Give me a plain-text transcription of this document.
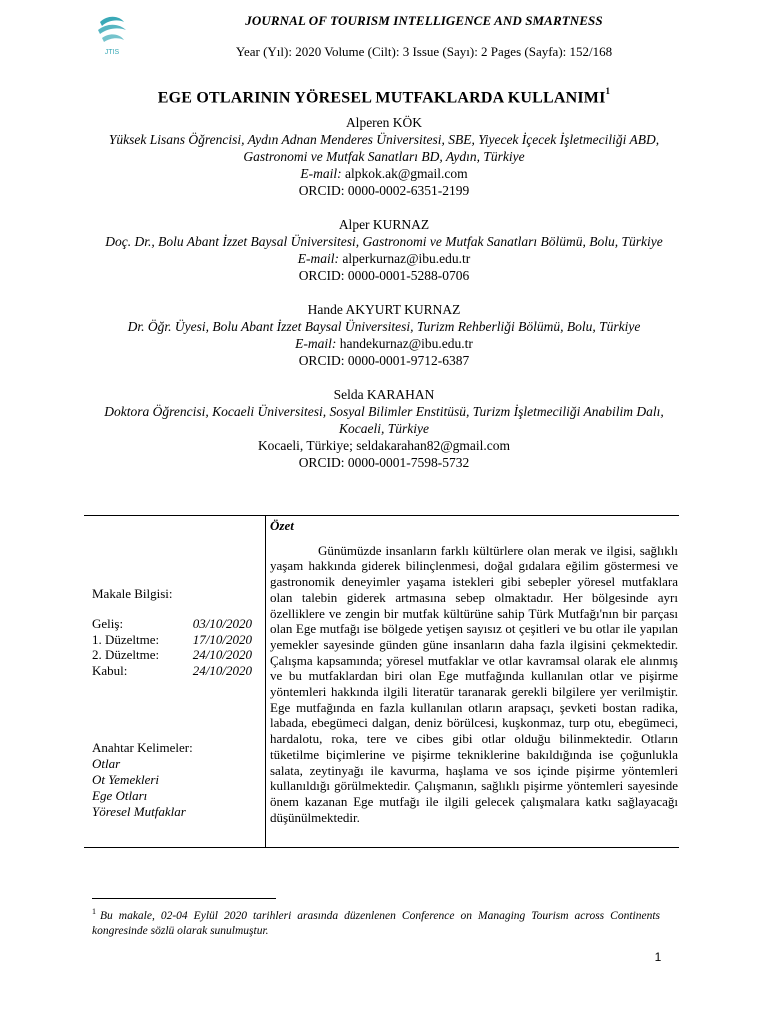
JTIS
JOURNAL OF TOURISM INTELLIGENCE AND SMARTNESS
Year (Yıl): 2020 Volume (Cilt): 3 Issue (Sayı): 2 Pages (Sayfa): 152/168
EGE OTLARININ YÖRESEL MUTFAKLARDA KULLANIMI$^1$
Alperen KÖK
Yüksek Lisans Öğrencisi, Aydın Adnan Menderes Üniversitesi, SBE, Yiyecek İçecek İşletmeciliği ABD, Gastronomi ve Mutfak Sanatları BD, Aydın, Türkiye
E-mail: alpkok.ak@gmail.com
ORCID: 0000-0002-6351-2199
Alper KURNAZ
Doç. Dr., Bolu Abant İzzet Baysal Üniversitesi, Gastronomi ve Mutfak Sanatları Bölümü, Bolu, Türkiye
E-mail: alperkurnaz@ibu.edu.tr
ORCID: 0000-0001-5288-0706
Hande AKYURT KURNAZ
Dr. Öğr. Üyesi, Bolu Abant İzzet Baysal Üniversitesi, Turizm Rehberliği Bölümü, Bolu, Türkiye
E-mail: handekurnaz@ibu.edu.tr
ORCID: 0000-0001-9712-6387
Selda KARAHAN
Doktora Öğrencisi, Kocaeli Üniversitesi, Sosyal Bilimler Enstitüsü, Turizm İşletmeciliği Anabilim Dalı, Kocaeli, Türkiye
Kocaeli, Türkiye; seldakarahan82@gmail.com
ORCID: 0000-0001-7598-5732
Makale Bilgisi:
Geliş:	03/10/2020
1. Düzeltme:	17/10/2020
2. Düzeltme:	24/10/2020
Kabul:	24/10/2020
Anahtar Kelimeler:
Otlar
Ot Yemekleri
Ege Otları
Yöresel Mutfaklar
Özet

Günümüzde insanların farklı kültürlere olan merak ve ilgisi, sağlıklı yaşam hakkında giderek bilinçlenmesi, doğal gıdalara eğilim göstermesi ve gastronomik deneyimler yaşama istekleri gibi sebepler yöresel mutfaklara olan talebin giderek artmasına sebep olmaktadır. Her bölgesinde ayrı özelliklere ve zengin bir mutfak kültürüne sahip Türk Mutfağı'nın bir parçası olan Ege mutfağı ise bölgede yetişen sayısız ot çeşitleri ve bu otlar ile yapılan yemekler sayesinde günden güne insanların daha fazla ilgisini çekmektedir. Çalışma kapsamında; yöresel mutfaklar ve otlar kavramsal olarak ele alınmış ve bu mutfaklardan biri olan Ege mutfağında kullanılan otlar ve pişirme yöntemleri hakkında ilgili literatür taranarak gerekli bilgilere yer verilmiştir. Ege mutfağında en fazla kullanılan otların arapsaçı, şevketi bostan radika, labada, ebegümeci dalgan, deniz börülcesi, kuşkonmaz, turp otu, ebegümeci, hardalotu, roka, tere ve cibes gibi otlar olduğu bilinmektedir. Otların tüketilme biçimlerine ve pişirme tekniklerine bakıldığında ise çoğunlukla salata, zeytinyağı ile kavurma, haşlama ve sos içinde pişirme yöntemleri kullanıldığı görülmektedir. Çalışmanın, sağlıklı pişirme yöntemleri sayesinde önem kazanan Ege mutfağı ile ilgili gelecek çalışmalara katkı sağlayacağı düşünülmektedir.

$^1$ Bu makale, 02-04 Eylül 2020 tarihleri arasında düzenlenen Conference on Managing Tourism across Continents kongresinde sözlü olarak sunulmuştur.
1
